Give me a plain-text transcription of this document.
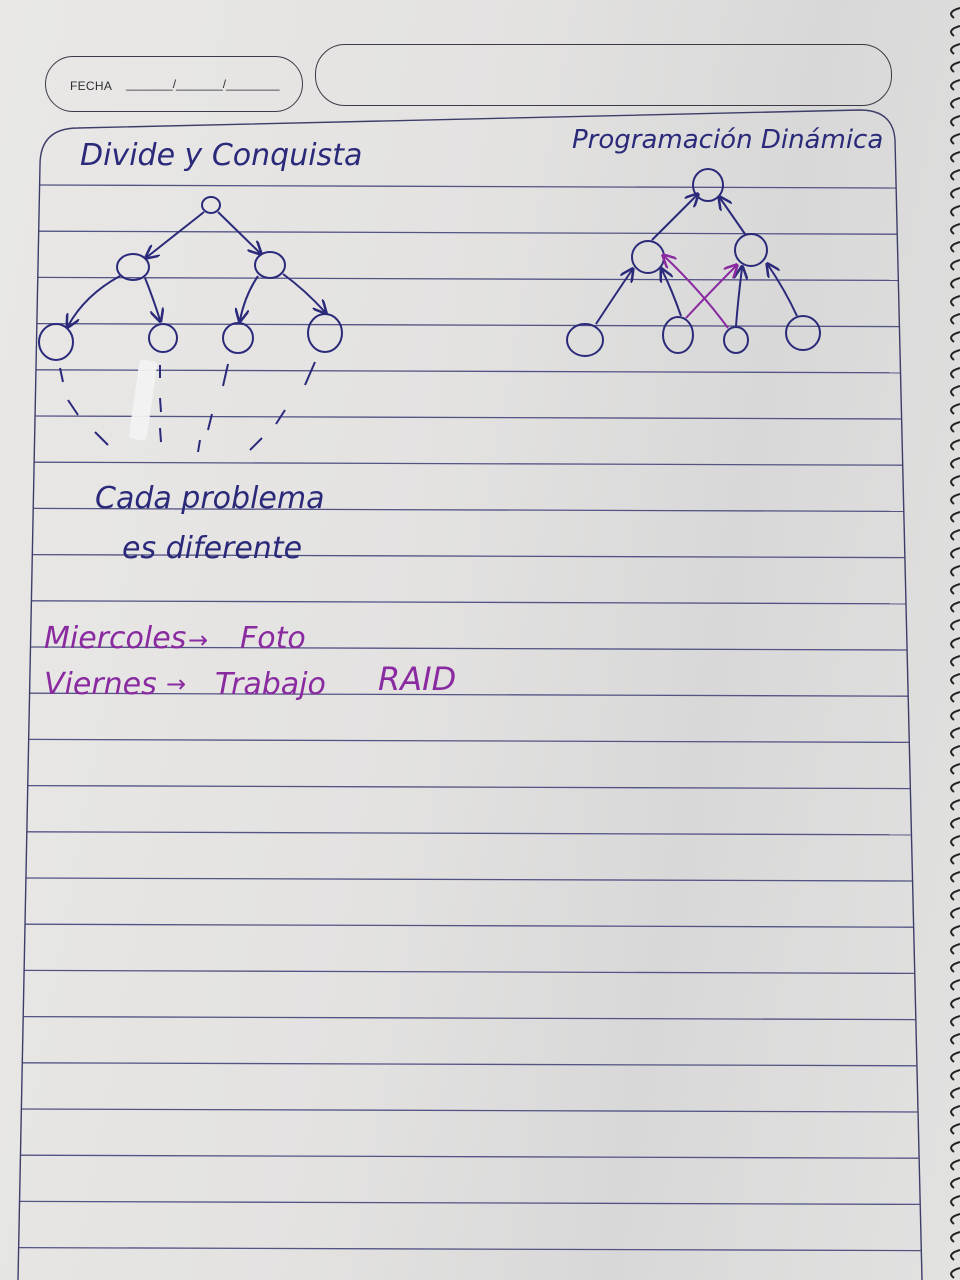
FECHA _______/_______/________
Divide y Conquista	Programación Dinámica
Cada problema
es diferente
Miercoles → Foto
Viernes → Trabajo RAID
